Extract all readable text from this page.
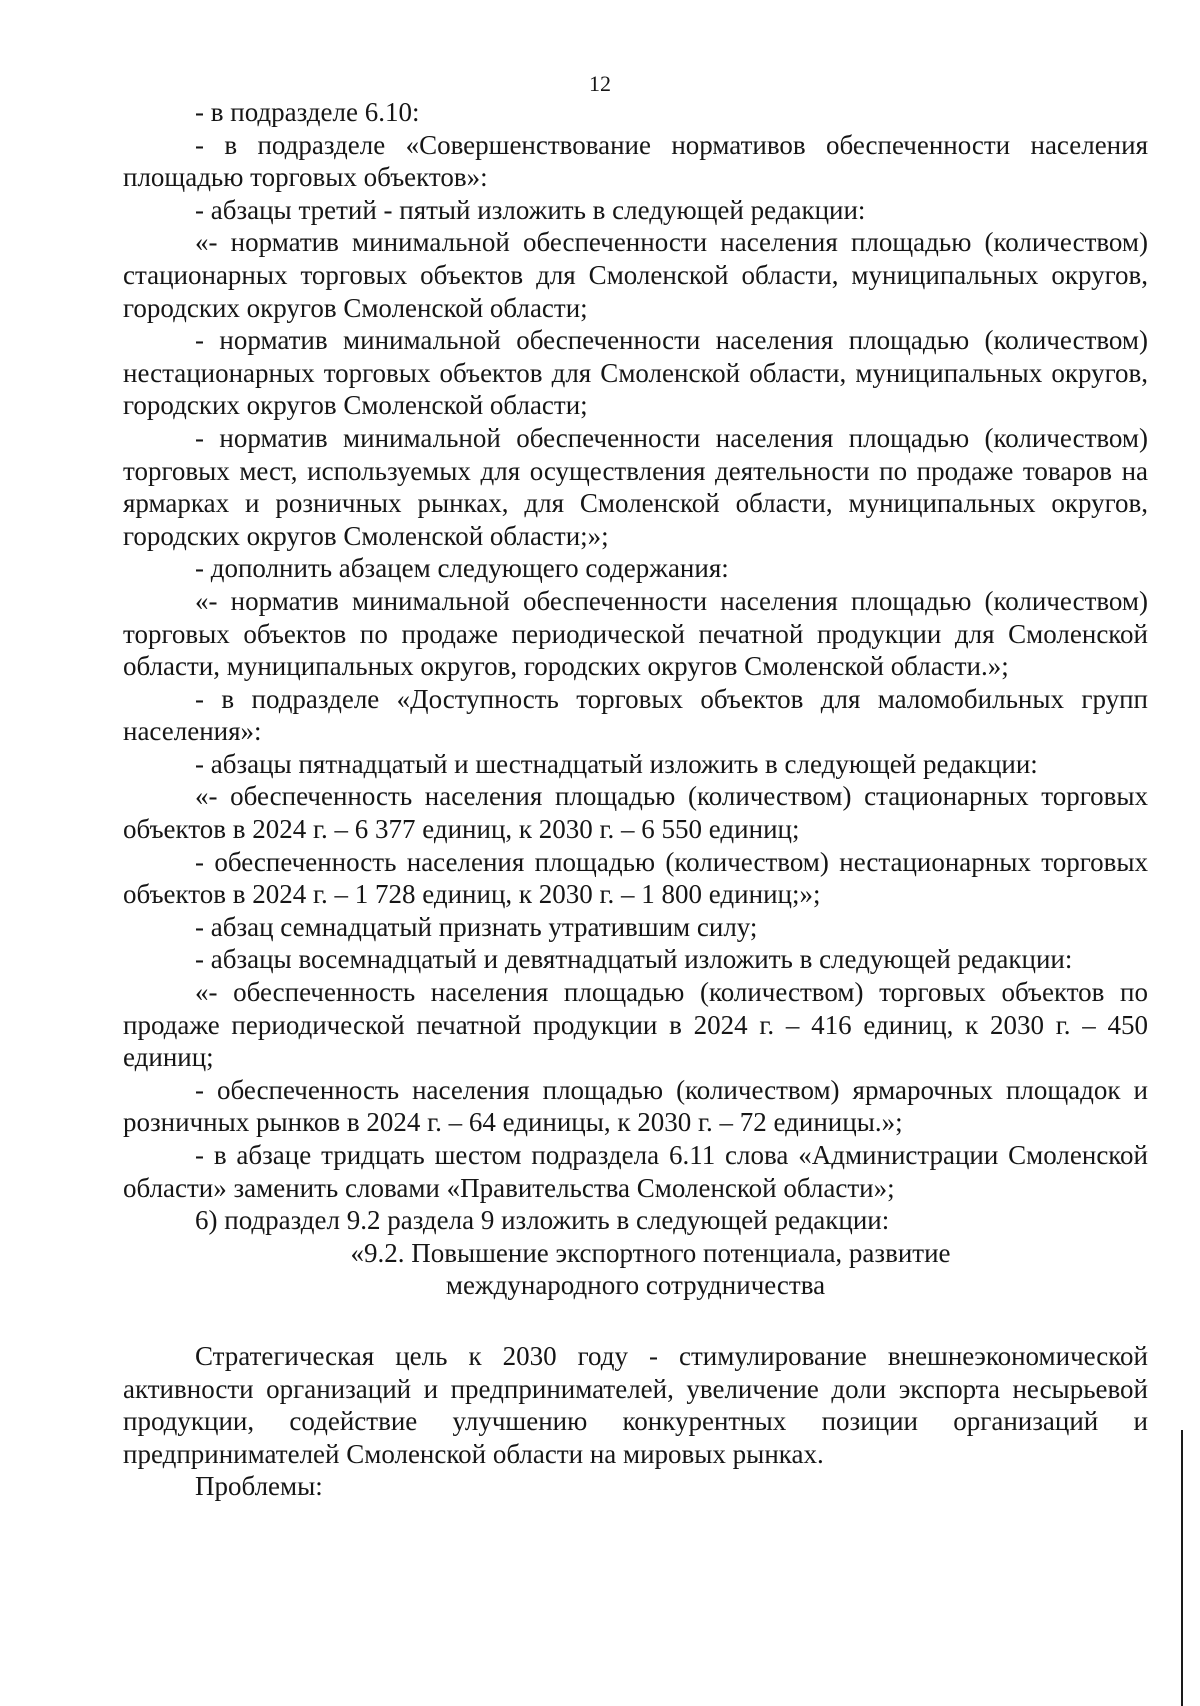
12

- в подразделе 6.10:

- в подразделе «Совершенствование нормативов обеспеченности населения площадью торговых объектов»:

- абзацы третий - пятый изложить в следующей редакции:

«- норматив минимальной обеспеченности населения площадью (количеством) стационарных торговых объектов для Смоленской области, муниципальных округов, городских округов Смоленской области;

- норматив минимальной обеспеченности населения площадью (количеством) нестационарных торговых объектов для Смоленской области, муниципальных округов, городских округов Смоленской области;

- норматив минимальной обеспеченности населения площадью (количеством) торговых мест, используемых для осуществления деятельности по продаже товаров на ярмарках и розничных рынках, для Смоленской области, муниципальных округов, городских округов Смоленской области;»;

- дополнить абзацем следующего содержания:

«- норматив минимальной обеспеченности населения площадью (количеством) торговых объектов по продаже периодической печатной продукции для Смоленской области, муниципальных округов, городских округов Смоленской области.»;

- в подразделе «Доступность торговых объектов для маломобильных групп населения»:

- абзацы пятнадцатый и шестнадцатый изложить в следующей редакции:

«- обеспеченность населения площадью (количеством) стационарных торговых объектов в 2024 г. – 6 377 единиц, к 2030 г. – 6 550 единиц;

- обеспеченность населения площадью (количеством) нестационарных торговых объектов в 2024 г. – 1 728 единиц, к 2030 г. – 1 800 единиц;»;

- абзац семнадцатый признать утратившим силу;

- абзацы восемнадцатый и девятнадцатый изложить в следующей редакции:

«- обеспеченность населения площадью (количеством) торговых объектов по продаже периодической печатной продукции в 2024 г. – 416 единиц, к 2030 г. – 450 единиц;

- обеспеченность населения площадью (количеством) ярмарочных площадок и розничных рынков в 2024 г. – 64 единицы, к 2030 г. – 72 единицы.»;

- в абзаце тридцать шестом подраздела 6.11 слова «Администрации Смоленской области» заменить словами «Правительства Смоленской области»;

6) подраздел 9.2 раздела 9 изложить в следующей редакции:

«9.2. Повышение экспортного потенциала, развитие

международного сотрудничества

Стратегическая цель к 2030 году - стимулирование внешнеэкономической активности организаций и предпринимателей, увеличение доли экспорта несырьевой продукции, содействие улучшению конкурентных позиции организаций и предпринимателей Смоленской области на мировых рынках.

Проблемы:
